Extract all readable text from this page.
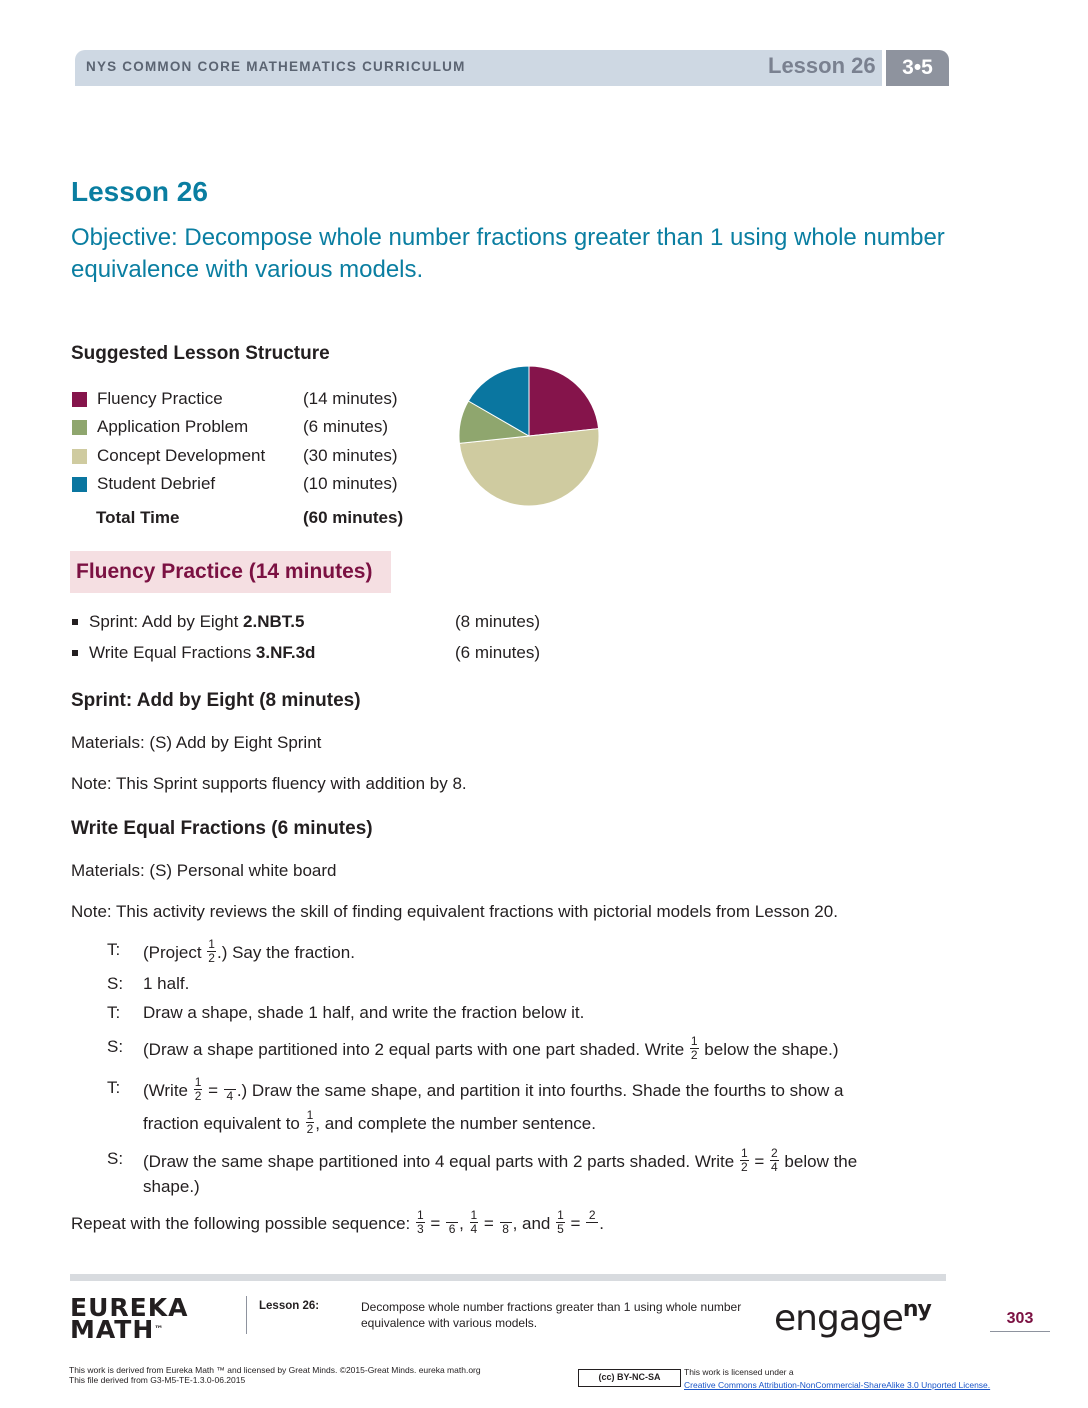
NYS COMMON CORE MATHEMATICS CURRICULUM	Lesson 26	3•5
Lesson 26
Objective: Decompose whole number fractions greater than 1 using whole number equivalence with various models.
Suggested Lesson Structure
Fluency Practice	(14 minutes)
Application Problem	(6 minutes)
Concept Development (30 minutes)
Student Debrief	(10 minutes)
Total Time	(60 minutes)
Fluency Practice (14 minutes)
Sprint: Add by Eight 2.NBT.5	(8 minutes)
Write Equal Fractions 3.NF.3d	(6 minutes)
Sprint: Add by Eight (8 minutes)
Materials: (S) Add by Eight Sprint
Note: This Sprint supports fluency with addition by 8.
Write Equal Fractions (6 minutes)
Materials: (S) Personal white board
Note: This activity reviews the skill of finding equivalent fractions with pictorial models from Lesson 20.
T: (Project $\frac{1}{2}$ .) Say the fraction.
S: 1 half.
T: Draw a shape, shade 1 half, and write the fraction below it.
S: (Draw a shape partitioned into 2 equal parts with one part shaded. Write $\frac{1}{2}$ below the shape.)
T: (Write $\frac{1}{2} = 4$ .) Draw the same shape, and partition it into fourths. Shade the fourths to show a
fraction equivalent to $\frac{1}{2}$ , and complete the number sentence.
S: (Draw the same shape partitioned into 4 equal parts with 2 parts shaded. Write $\frac{1}{2} = \frac{2}{4}$ below the
shape.)
Repeat with the following possible sequence: $\frac{1}{3} = 6$ , $\frac{1}{4} = 8$ , and $\frac{1}{5} = 2$ .
EUREKA
MATH™
Lesson 26:	Decompose whole number fractions greater than 1 using whole number equivalence with various models.	engage$^{ny}$	303
This work is derived from Eureka Math ™ and licensed by Great Minds. ©2015-Great Minds. eureka math.org
This file derived from G3-M5-TE-1.3.0-06.2015	(cc) BY-NC-SA	This work is licensed under a
Creative Commons Attribution-NonCommercial-ShareAlike 3.0 Unported License.
